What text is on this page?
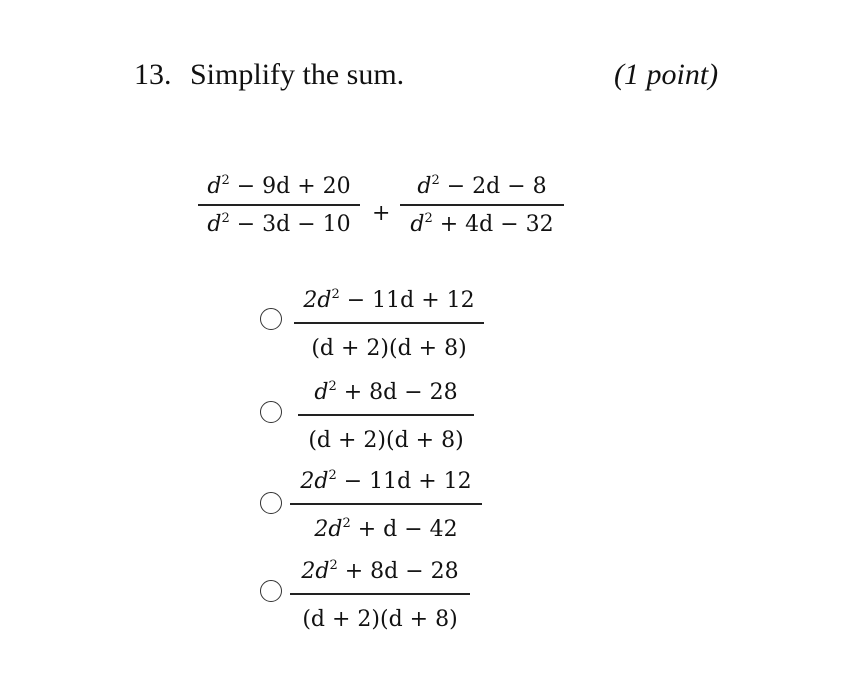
13. Simplify the sum.	(1 point)
$d^2 - 9d + 20$
$d^2 - 3d - 10$ +
$d^2 - 2d - 8$
$d^2 + 4d - 32$
$2d^2 - 11d + 12$
(d + 2)(d + 8)
$d^2 + 8d - 28$
(d + 2)(d + 8)
$2d^2 - 11d + 12$
$2d^2 + d - 42$
$2d^2 + 8d - 28$
(d + 2)(d + 8)
